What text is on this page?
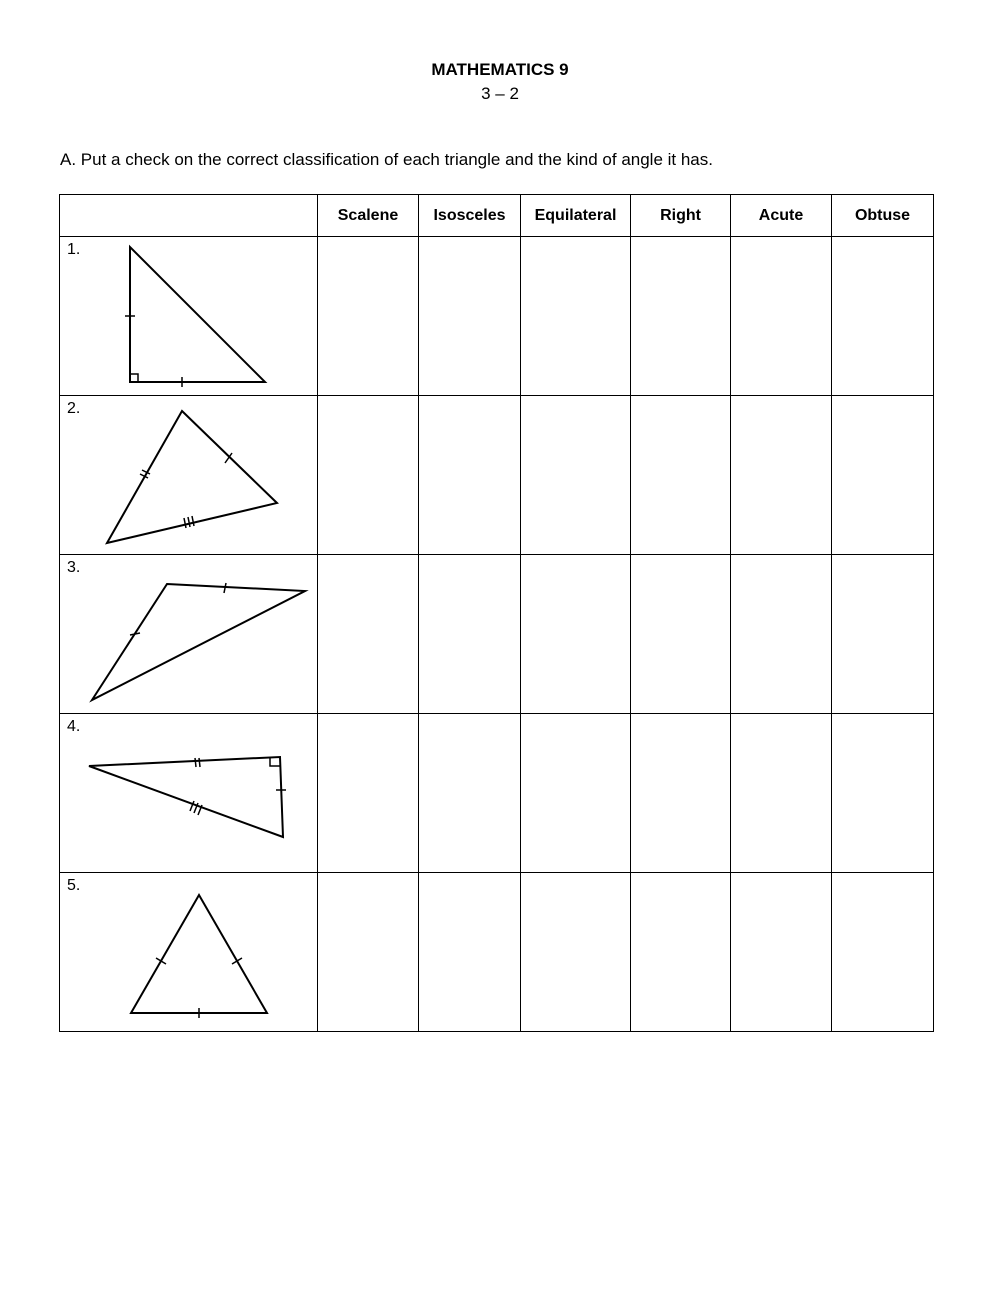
MATHEMATICS 9
3 – 2
A. Put a check on the correct classification of each triangle and the kind of angle it has.
	Scalene	Isosceles	Equilateral	Right	Acute	Obtuse

1.						

2.						

3.						

4.						

5.						
